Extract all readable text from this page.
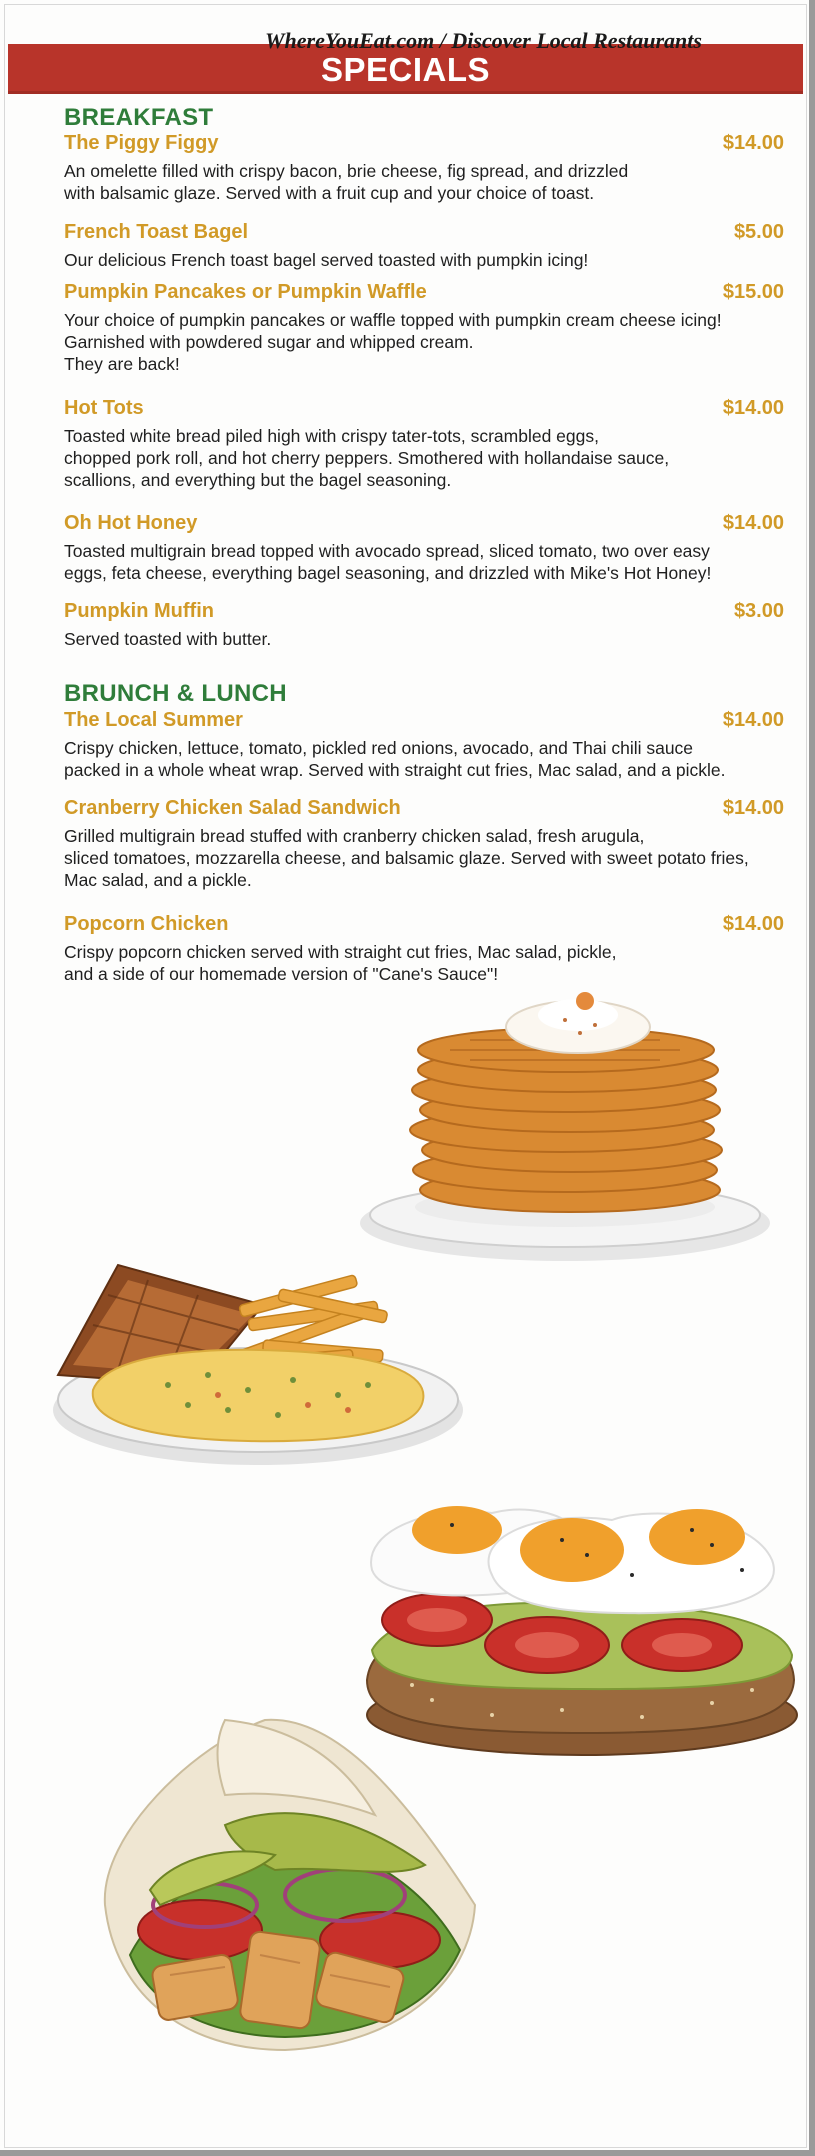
WhereYouEat.com / Discover Local Restaurants
SPECIALS
BREAKFAST
The Piggy Figgy	$14.00
An omelette filled with crispy bacon, brie cheese, fig spread, and drizzled
with balsamic glaze. Served with a fruit cup and your choice of toast.
French Toast Bagel	$5.00
Our delicious French toast bagel served toasted with pumpkin icing!
Pumpkin Pancakes or Pumpkin Waffle	$15.00
Your choice of pumpkin pancakes or waffle topped with pumpkin cream cheese icing!
Garnished with powdered sugar and whipped cream.
They are back!
Hot Tots	$14.00
Toasted white bread piled high with crispy tater-tots, scrambled eggs,
chopped pork roll, and hot cherry peppers. Smothered with hollandaise sauce,
scallions, and everything but the bagel seasoning.
Oh Hot Honey	$14.00
Toasted multigrain bread topped with avocado spread, sliced tomato, two over easy
eggs, feta cheese, everything bagel seasoning, and drizzled with Mike's Hot Honey!
Pumpkin Muffin	$3.00
Served toasted with butter.
BRUNCH & LUNCH
The Local Summer	$14.00
Crispy chicken, lettuce, tomato, pickled red onions, avocado, and Thai chili sauce
packed in a whole wheat wrap. Served with straight cut fries, Mac salad, and a pickle.
Cranberry Chicken Salad Sandwich	$14.00
Grilled multigrain bread stuffed with cranberry chicken salad, fresh arugula,
sliced tomatoes, mozzarella cheese, and balsamic glaze. Served with sweet potato fries,
Mac salad, and a pickle.
Popcorn Chicken	$14.00
Crispy popcorn chicken served with straight cut fries, Mac salad, pickle,
and a side of our homemade version of "Cane's Sauce"!
